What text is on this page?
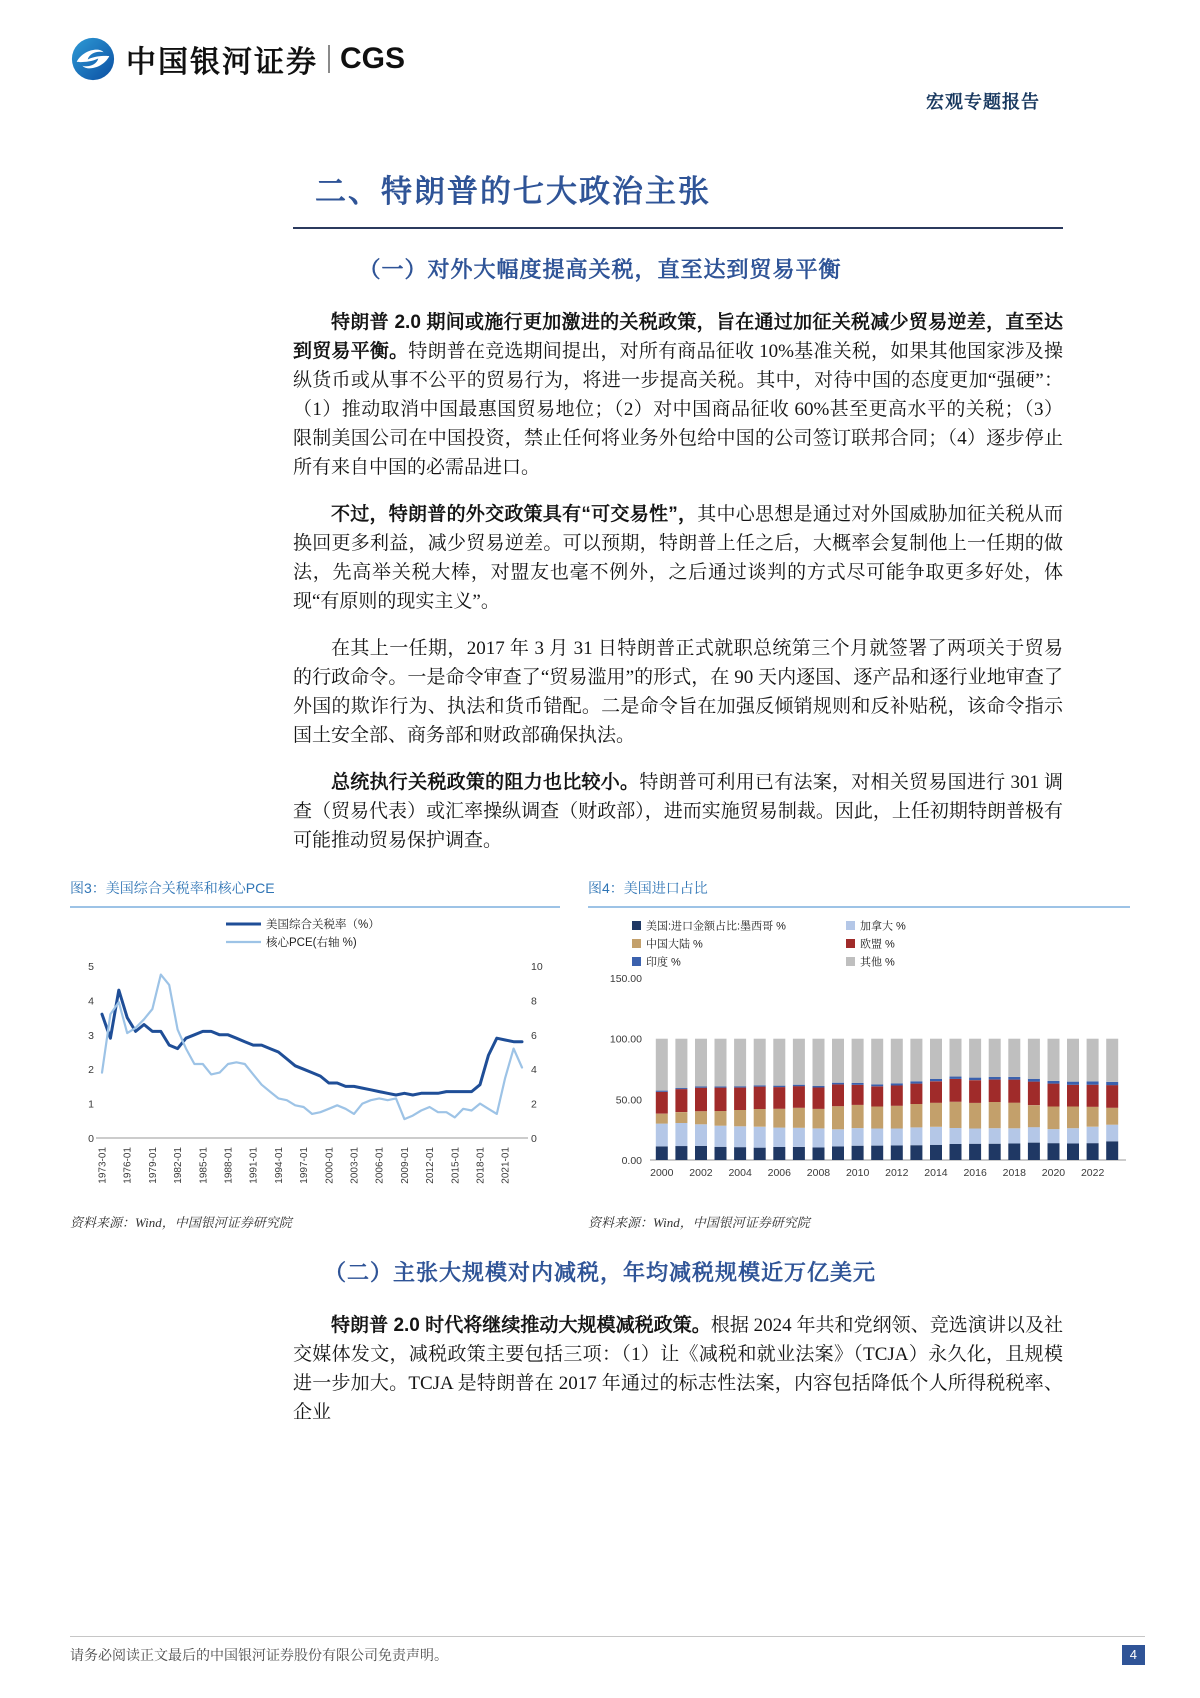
中国银河证券 CGS
宏观专题报告
二、特朗普的七大政治主张
（一）对外大幅度提高关税，直至达到贸易平衡

特朗普 2.0 期间或施行更加激进的关税政策，旨在通过加征关税减少贸易逆差，直至达到贸易平衡。特朗普在竞选期间提出，对所有商品征收 10%基准关税，如果其他国家涉及操纵货币或从事不公平的贸易行为，将进一步提高关税。其中，对待中国的态度更加“强硬”：（1）推动取消中国最惠国贸易地位；（2）对中国商品征收 60%甚至更高水平的关税；（3）限制美国公司在中国投资，禁止任何将业务外包给中国的公司签订联邦合同；（4）逐步停止所有来自中国的必需品进口。

不过，特朗普的外交政策具有“可交易性”，其中心思想是通过对外国威胁加征关税从而换回更多利益，减少贸易逆差。可以预期，特朗普上任之后，大概率会复制他上一任期的做法，先高举关税大棒，对盟友也毫不例外，之后通过谈判的方式尽可能争取更多好处，体现“有原则的现实主义”。

在其上一任期，2017 年 3 月 31 日特朗普正式就职总统第三个月就签署了两项关于贸易的行政命令。一是命令审查了“贸易滥用”的形式，在 90 天内逐国、逐产品和逐行业地审查了外国的欺诈行为、执法和货币错配。二是命令旨在加强反倾销规则和反补贴税，该命令指示国土安全部、商务部和财政部确保执法。

总统执行关税政策的阻力也比较小。特朗普可利用已有法案，对相关贸易国进行 301 调查（贸易代表）或汇率操纵调查（财政部），进而实施贸易制裁。因此，上任初期特朗普极有可能推动贸易保护调查。

图3：美国综合关税率和核心PCE
美国综合关税率（%）
核心PCE(右轴 %)
0
1
2
3
4
5
0
2
4
6
8
10
1973-01 1976-01 1979-01 1982-01 1985-01 1988-01 1991-01 1994-01 1997-01 2000-01 2003-01 2006-01 2009-01 2012-01 2015-01 2018-01 2021-01
资料来源：Wind，中国银河证券研究院
图4：美国进口占比
美国:进口金额占比:墨西哥 %	加拿大 %
中国大陆 %	欧盟 %
印度 %	其他 %
0.00
50.00
100.00
150.00
2000 2002 2004 2006 2008 2010 2012 2014 2016 2018 2020 2022
资料来源：Wind，中国银河证券研究院
（二）主张大规模对内减税，年均减税规模近万亿美元

特朗普 2.0 时代将继续推动大规模减税政策。根据 2024 年共和党纲领、竞选演讲以及社交媒体发文，减税政策主要包括三项：（1）让《减税和就业法案》（TCJA）永久化，且规模进一步加大。TCJA 是特朗普在 2017 年通过的标志性法案，内容包括降低个人所得税税率、企业

请务必阅读正文最后的中国银河证券股份有限公司免责声明。	4
